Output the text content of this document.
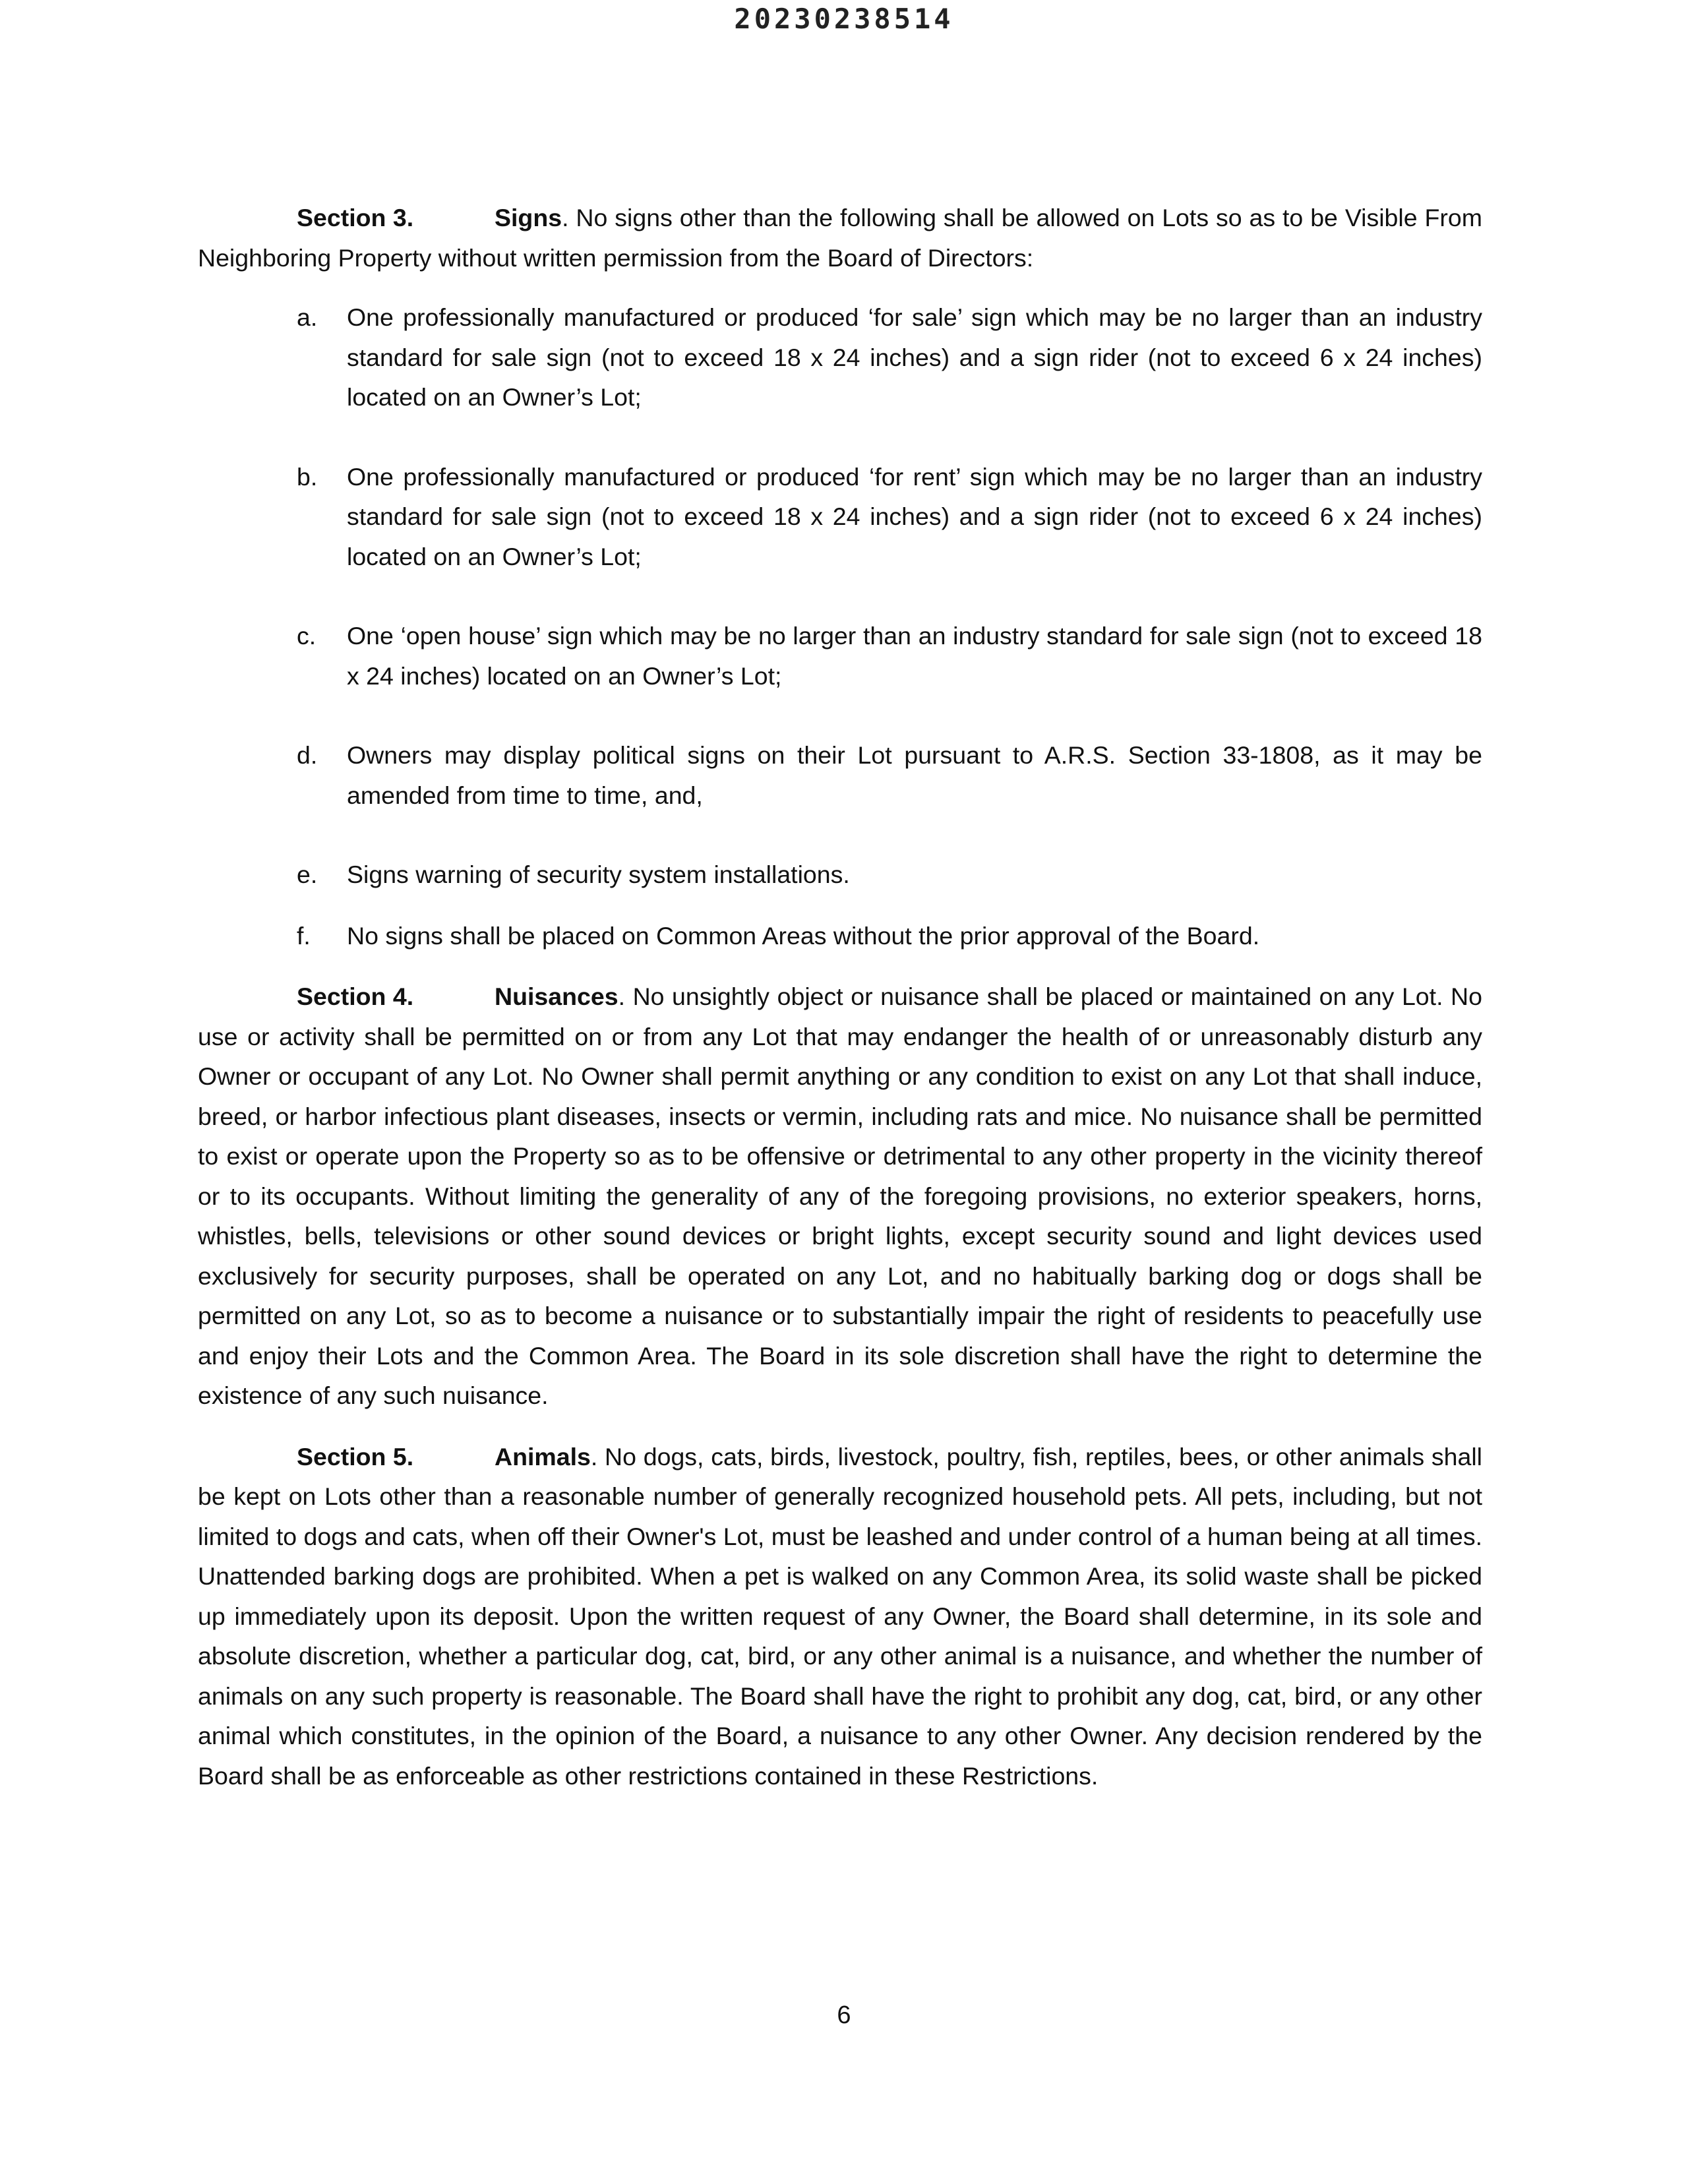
20230238514

Section 3.	Signs. No signs other than the following shall be allowed on Lots so as to be Visible From Neighboring Property without written permission from the Board of Directors:

a. One professionally manufactured or produced ‘for sale’ sign which may be no larger than an industry standard for sale sign (not to exceed 18 x 24 inches) and a sign rider (not to exceed 6 x 24 inches) located on an Owner’s Lot;
b. One professionally manufactured or produced ‘for rent’ sign which may be no larger than an industry standard for sale sign (not to exceed 18 x 24 inches) and a sign rider (not to exceed 6 x 24 inches) located on an Owner’s Lot;
c. One ‘open house’ sign which may be no larger than an industry standard for sale sign (not to exceed 18 x 24 inches) located on an Owner’s Lot;
d. Owners may display political signs on their Lot pursuant to A.R.S. Section 33-1808, as it may be amended from time to time, and,
e. Signs warning of security system installations.
f. No signs shall be placed on Common Areas without the prior approval of the Board.

Section 4.	Nuisances. No unsightly object or nuisance shall be placed or maintained on any Lot. No use or activity shall be permitted on or from any Lot that may endanger the health of or unreasonably disturb any Owner or occupant of any Lot. No Owner shall permit anything or any condition to exist on any Lot that shall induce, breed, or harbor infectious plant diseases, insects or vermin, including rats and mice. No nuisance shall be permitted to exist or operate upon the Property so as to be offensive or detrimental to any other property in the vicinity thereof or to its occupants. Without limiting the generality of any of the foregoing provisions, no exterior speakers, horns, whistles, bells, televisions or other sound devices or bright lights, except security sound and light devices used exclusively for security purposes, shall be operated on any Lot, and no habitually barking dog or dogs shall be permitted on any Lot, so as to become a nuisance or to substantially impair the right of residents to peacefully use and enjoy their Lots and the Common Area. The Board in its sole discretion shall have the right to determine the existence of any such nuisance.

Section 5.	Animals. No dogs, cats, birds, livestock, poultry, fish, reptiles, bees, or other animals shall be kept on Lots other than a reasonable number of generally recognized household pets. All pets, including, but not limited to dogs and cats, when off their Owner's Lot, must be leashed and under control of a human being at all times. Unattended barking dogs are prohibited. When a pet is walked on any Common Area, its solid waste shall be picked up immediately upon its deposit. Upon the written request of any Owner, the Board shall determine, in its sole and absolute discretion, whether a particular dog, cat, bird, or any other animal is a nuisance, and whether the number of animals on any such property is reasonable. The Board shall have the right to prohibit any dog, cat, bird, or any other animal which constitutes, in the opinion of the Board, a nuisance to any other Owner. Any decision rendered by the Board shall be as enforceable as other restrictions contained in these Restrictions.

6
